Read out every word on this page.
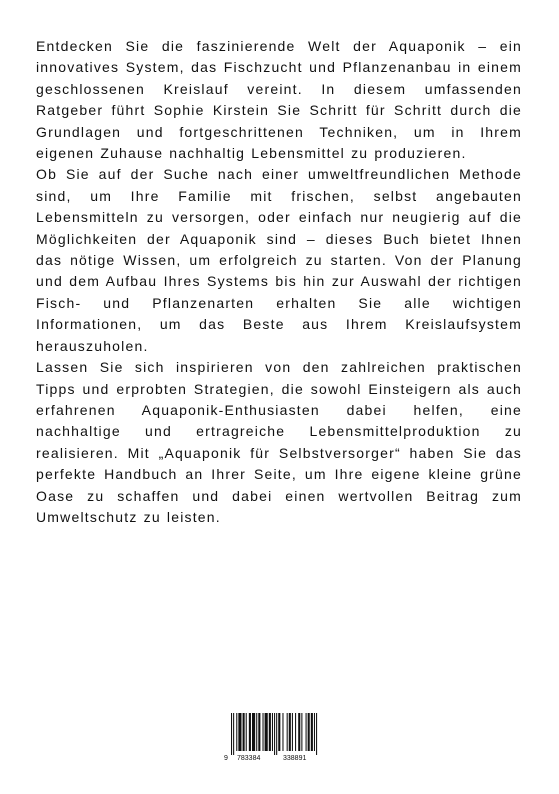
Entdecken Sie die faszinierende Welt der Aquaponik – ein innovatives System, das Fischzucht und Pflanzenanbau in einem geschlossenen Kreislauf vereint. In diesem umfassenden Ratgeber führt Sophie Kirstein Sie Schritt für Schritt durch die Grundlagen und fortgeschrittenen Techniken, um in Ihrem eigenen Zuhause nachhaltig Lebensmittel zu produzieren.

Ob Sie auf der Suche nach einer umweltfreundlichen Methode sind, um Ihre Familie mit frischen, selbst angebauten Lebensmitteln zu versorgen, oder einfach nur neugierig auf die Möglichkeiten der Aquaponik sind – dieses Buch bietet Ihnen das nötige Wissen, um erfolgreich zu starten. Von der Planung und dem Aufbau Ihres Systems bis hin zur Auswahl der richtigen Fisch- und Pflanzenarten erhalten Sie alle wichtigen Informationen, um das Beste aus Ihrem Kreislaufsystem herauszuholen.

Lassen Sie sich inspirieren von den zahlreichen praktischen Tipps und erprobten Strategien, die sowohl Einsteigern als auch erfahrenen Aquaponik-Enthusiasten dabei helfen, eine nachhaltige und ertragreiche Lebensmittelproduktion zu realisieren. Mit „Aquaponik für Selbstversorger“ haben Sie das perfekte Handbuch an Ihrer Seite, um Ihre eigene kleine grüne Oase zu schaffen und dabei einen wertvollen Beitrag zum Umweltschutz zu leisten.

9 783384	338891
